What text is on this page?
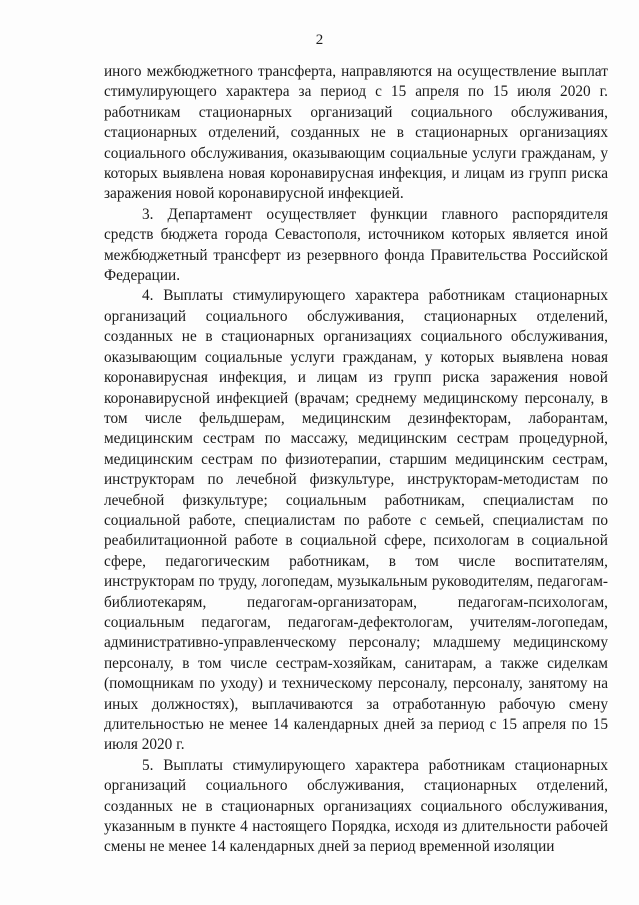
2

иного межбюджетного трансферта, направляются на осуществление выплат стимулирующего характера за период с 15 апреля по 15 июля 2020 г. работникам стационарных организаций социального обслуживания, стационарных отделений, созданных не в стационарных организациях социального обслуживания, оказывающим социальные услуги гражданам, у которых выявлена новая коронавирусная инфекция, и лицам из групп риска заражения новой коронавирусной инфекцией.

3. Департамент осуществляет функции главного распорядителя средств бюджета города Севастополя, источником которых является иной межбюджетный трансферт из резервного фонда Правительства Российской Федерации.

4. Выплаты стимулирующего характера работникам стационарных организаций социального обслуживания, стационарных отделений, созданных не в стационарных организациях социального обслуживания, оказывающим социальные услуги гражданам, у которых выявлена новая коронавирусная инфекция, и лицам из групп риска заражения новой коронавирусной инфекцией (врачам; среднему медицинскому персоналу, в том числе фельдшерам, медицинским дезинфекторам, лаборантам, медицинским сестрам по массажу, медицинским сестрам процедурной, медицинским сестрам по физиотерапии, старшим медицинским сестрам, инструкторам по лечебной физкультуре, инструкторам-методистам по лечебной физкультуре; социальным работникам, специалистам по социальной работе, специалистам по работе с семьей, специалистам по реабилитационной работе в социальной сфере, психологам в социальной сфере, педагогическим работникам, в том числе воспитателям, инструкторам по труду, логопедам, музыкальным руководителям, педагогам-библиотекарям, педагогам-организаторам, педагогам-психологам, социальным педагогам, педагогам-дефектологам, учителям-логопедам, административно-управленческому персоналу; младшему медицинскому персоналу, в том числе сестрам-хозяйкам, санитарам, а также сиделкам (помощникам по уходу) и техническому персоналу, персоналу, занятому на иных должностях), выплачиваются за отработанную рабочую смену длительностью не менее 14 календарных дней за период с 15 апреля по 15 июля 2020 г.

5. Выплаты стимулирующего характера работникам стационарных организаций социального обслуживания, стационарных отделений, созданных не в стационарных организациях социального обслуживания, указанным в пункте 4 настоящего Порядка, исходя из длительности рабочей смены не менее 14 календарных дней за период временной изоляции
